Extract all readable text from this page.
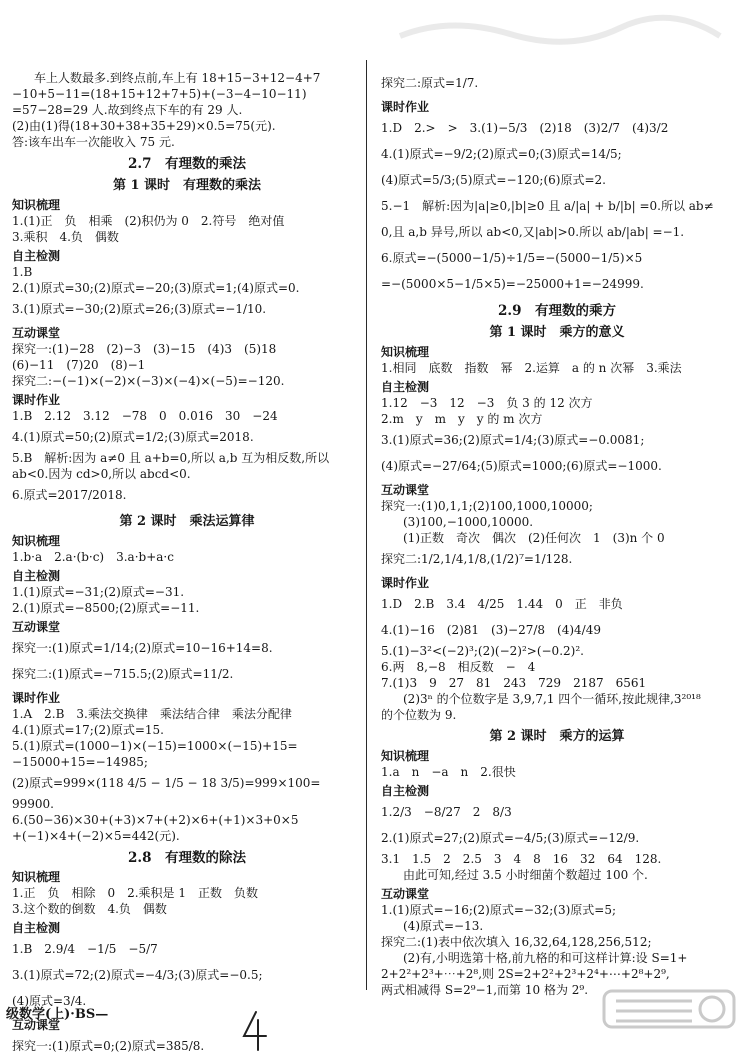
车上人数最多.到终点前,车上有 18+15−3+12−4+7
−10+5−11=(18+15+12+7+5)+(−3−4−10−11)
=57−28=29 人.故到终点下车的有 29 人.
(2)由(1)得(18+30+38+35+29)×0.5=75(元).
答:该车出车一次能收入 75 元.
2.7　有理数的乘法
第 1 课时　有理数的乘法
知识梳理
1.(1)正　负　相乘　(2)积仍为 0　2.符号　绝对值
3.乘积　4.负　偶数
自主检测
1.B
2.(1)原式=30;(2)原式=−20;(3)原式=1;(4)原式=0.
3.(1)原式=−30;(2)原式=26;(3)原式=−1/10.
互动课堂
探究一:(1)−28　(2)−3　(3)−15　(4)3　(5)18
(6)−11　(7)20　(8)−1
探究二:−(−1)×(−2)×(−3)×(−4)×(−5)=−120.
课时作业
1.B　2.12　3.12　−78　0　0.016　30　−24
4.(1)原式=50;(2)原式=1/2;(3)原式=2018.
5.B　解析:因为 a≠0 且 a+b=0,所以 a,b 互为相反数,所以
ab<0.因为 cd>0,所以 abcd<0.
6.原式=2017/2018.
第 2 课时　乘法运算律
知识梳理
1.b·a　2.a·(b·c)　3.a·b+a·c
自主检测
1.(1)原式=−31;(2)原式=−31.
2.(1)原式=−8500;(2)原式=−11.
互动课堂
探究一:(1)原式=1/14;(2)原式=10−16+14=8.
探究二:(1)原式=−715.5;(2)原式=11/2.
课时作业
1.A　2.B　3.乘法交换律　乘法结合律　乘法分配律
4.(1)原式=17;(2)原式=15.
5.(1)原式=(1000−1)×(−15)=1000×(−15)+15=
−15000+15=−14985;
(2)原式=999×(118 4/5 − 1/5 − 18 3/5)=999×100=
99900.
6.(50−36)×30+(+3)×7+(+2)×6+(+1)×3+0×5
+(−1)×4+(−2)×5=442(元).
2.8　有理数的除法
知识梳理
1.正　负　相除　0　2.乘积是 1　正数　负数
3.这个数的倒数　4.负　偶数
自主检测
1.B　2.9/4　−1/5　−5/7
3.(1)原式=72;(2)原式=−4/3;(3)原式=−0.5;
(4)原式=3/4.
互动课堂
探究一:(1)原式=0;(2)原式=385/8.
探究二:原式=1/7.
课时作业
1.D　2.>　>　3.(1)−5/3　(2)18　(3)2/7　(4)3/2
4.(1)原式=−9/2;(2)原式=0;(3)原式=14/5;
(4)原式=5/3;(5)原式=−120;(6)原式=2.
5.−1　解析:因为|a|≥0,|b|≥0 且 a/|a| + b/|b| =0.所以 ab≠
0,且 a,b 异号,所以 ab<0,又|ab|>0.所以 ab/|ab| =−1.
6.原式=−(5000−1/5)÷1/5=−(5000−1/5)×5
=−(5000×5−1/5×5)=−25000+1=−24999.
2.9　有理数的乘方
第 1 课时　乘方的意义
知识梳理
1.相同　底数　指数　幂　2.运算　a 的 n 次幂　3.乘法
自主检测
1.12　−3　12　−3　负 3 的 12 次方
2.m　y　m　y　y 的 m 次方
3.(1)原式=36;(2)原式=1/4;(3)原式=−0.0081;
(4)原式=−27/64;(5)原式=1000;(6)原式=−1000.
互动课堂
探究一:(1)0,1,1;(2)100,1000,10000;
(3)100,−1000,10000.
(1)正数　奇次　偶次　(2)任何次　1　(3)n 个 0
探究二:1/2,1/4,1/8,(1/2)⁷=1/128.
课时作业
1.D　2.B　3.4　4/25　1.44　0　正　非负
4.(1)−16　(2)81　(3)−27/8　(4)4/49
5.(1)−3²<(−2)³;(2)(−2)²>(−0.2)².
6.两　8,−8　相反数　−　4
7.(1)3　9　27　81　243　729　2187　6561
(2)3ⁿ 的个位数字是 3,9,7,1 四个一循环,按此规律,3²⁰¹⁸
的个位数为 9.
第 2 课时　乘方的运算
知识梳理
1.a　n　−a　n　2.很快
自主检测
1.2/3　−8/27　2　8/3
2.(1)原式=27;(2)原式=−4/5;(3)原式=−12/9.
3.1　1.5　2　2.5　3　4　8　16　32　64　128.
由此可知,经过 3.5 小时细菌个数超过 100 个.
互动课堂
1.(1)原式=−16;(2)原式=−32;(3)原式=5;
(4)原式=−13.
探究二:(1)表中依次填入 16,32,64,128,256,512;
(2)有,小明选第十格,前九格的和可这样计算:设 S=1+
2+2²+2³+⋯+2⁸,则 2S=2+2²+2³+2⁴+⋯+2⁸+2⁹,
两式相减得 S=2⁹−1,而第 10 格为 2⁹.
级数学(上)·BS—
